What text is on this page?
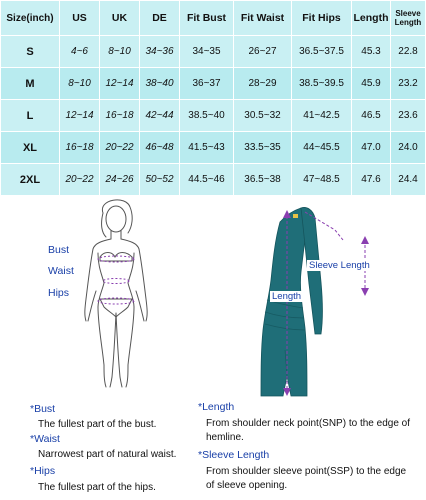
Size(inch)	US	UK	DE	Fit Bust	Fit Waist	Fit Hips	Length	Sleeve Length
S	4~6	8~10	34~36	34~35	26~27	36.5~37.5	45.3	22.8
M	8~10	12~14	38~40	36~37	28~29	38.5~39.5	45.9	23.2
L	12~14	16~18	42~44	38.5~40	30.5~32	41~42.5	46.5	23.6
XL	16~18	20~22	46~48	41.5~43	33.5~35	44~45.5	47.0	24.0
2XL	20~22	24~26	50~52	44.5~46	36.5~38	47~48.5	47.6	24.4
Bust
Waist
Hips
Sleeve Length
Length
*Bust
The fullest part of the bust.
*Waist
Narrowest part of natural waist.
*Hips
The fullest part of the hips.
*Length
From shoulder neck point(SNP) to the edge of hemline.
*Sleeve Length
From shoulder sleeve point(SSP) to the edge of sleeve opening.
